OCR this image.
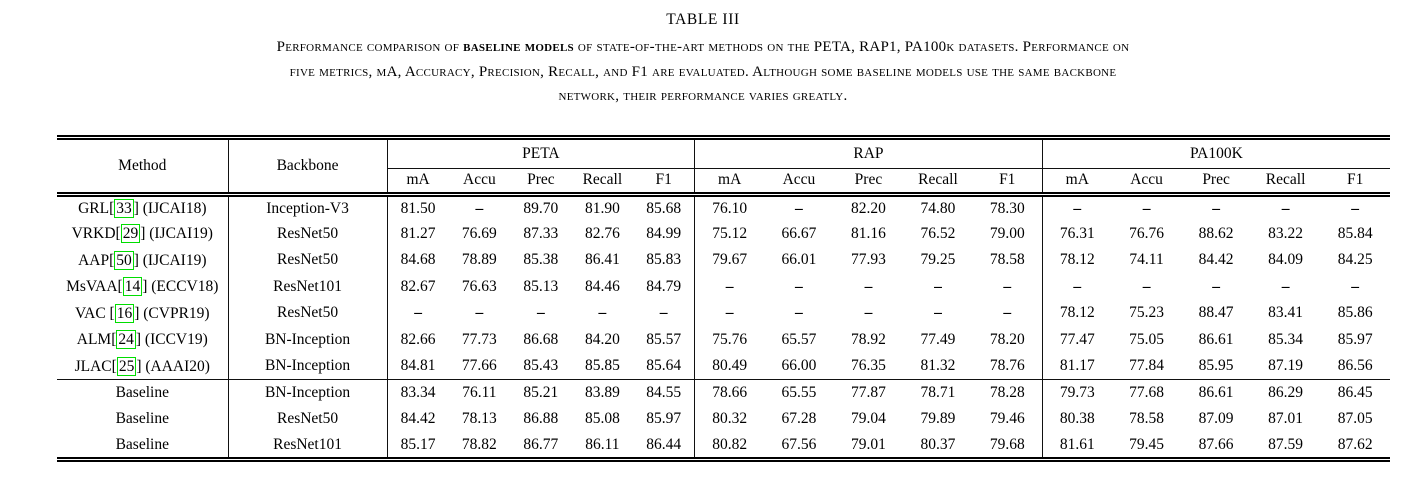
TABLE III
Performance comparison of baseline models of state-of-the-art methods on the PETA, RAP1, PA100k datasets. Performance on
five metrics, mA, Accuracy, Precision, Recall, and F1 are evaluated. Although some baseline models use the same backbone
network, their performance varies greatly.
Method	Backbone	PETA					RAP					PA100K				
		mA	Accu	Prec	Recall	F1	mA	Accu	Prec	Recall	F1	mA	Accu	Prec	Recall	F1
GRL[ 33 ] (IJCAI18)	Inception-V3	81.50	–	89.70	81.90	85.68	76.10	–	82.20	74.80	78.30	–	–	–	–	–
VRKD[ 29 ] (IJCAI19)	ResNet50	81.27	76.69	87.33	82.76	84.99	75.12	66.67	81.16	76.52	79.00	76.31	76.76	88.62	83.22	85.84
AAP[ 50 ] (IJCAI19)	ResNet50	84.68	78.89	85.38	86.41	85.83	79.67	66.01	77.93	79.25	78.58	78.12	74.11	84.42	84.09	84.25
MsVAA[ 14 ] (ECCV18)	ResNet101	82.67	76.63	85.13	84.46	84.79	–	–	–	–	–	–	–	–	–	–
VAC [ 16 ] (CVPR19)	ResNet50	–	–	–	–	–	–	–	–	–	–	78.12	75.23	88.47	83.41	85.86
ALM[ 24 ] (ICCV19)	BN-Inception	82.66	77.73	86.68	84.20	85.57	75.76	65.57	78.92	77.49	78.20	77.47	75.05	86.61	85.34	85.97
JLAC[ 25 ] (AAAI20)	BN-Inception	84.81	77.66	85.43	85.85	85.64	80.49	66.00	76.35	81.32	78.76	81.17	77.84	85.95	87.19	86.56
Baseline	BN-Inception	83.34	76.11	85.21	83.89	84.55	78.66	65.55	77.87	78.71	78.28	79.73	77.68	86.61	86.29	86.45
Baseline	ResNet50	84.42	78.13	86.88	85.08	85.97	80.32	67.28	79.04	79.89	79.46	80.38	78.58	87.09	87.01	87.05
Baseline	ResNet101	85.17	78.82	86.77	86.11	86.44	80.82	67.56	79.01	80.37	79.68	81.61	79.45	87.66	87.59	87.62
